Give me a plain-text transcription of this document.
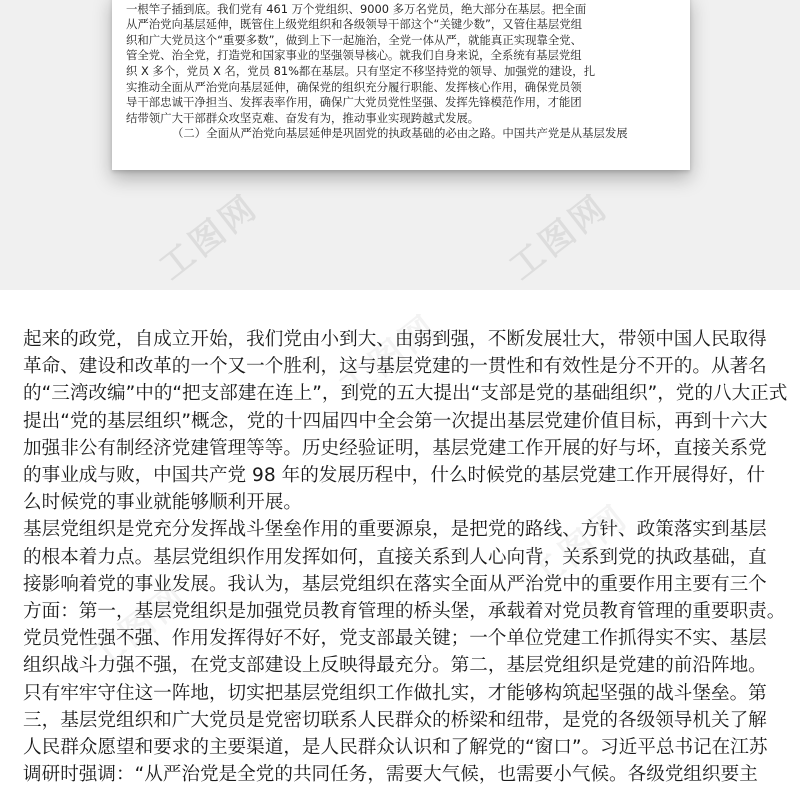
一根竿子插到底。我们党有 461 万个党组织、9000 多万名党员，绝大部分在基层。把全面
从严治党向基层延伸，既管住上级党组织和各级领导干部这个“关键少数”，又管住基层党组
织和广大党员这个“重要多数”，做到上下一起施治，全党一体从严，就能真正实现靠全党、
管全党、治全党，打造党和国家事业的坚强领导核心。就我们自身来说，全系统有基层党组
织 X 多个，党员 X 名，党员 81%都在基层。只有坚定不移坚持党的领导、加强党的建设，扎
实推动全面从严治党向基层延伸，确保党的组织充分履行职能、发挥核心作用，确保党员领
导干部忠诚干净担当、发挥表率作用，确保广大党员党性坚强、发挥先锋模范作用，才能团
结带领广大干部群众攻坚克难、奋发有为，推动事业实现跨越式发展。
（二）全面从严治党向基层延伸是巩固党的执政基础的必由之路。中国共产党是从基层发展
工图网	工图网
工图网
工图网
工图网
起来的政党，自成立开始，我们党由小到大、由弱到强，不断发展壮大，带领中国人民取得
革命、建设和改革的一个又一个胜利，这与基层党建的一贯性和有效性是分不开的。从著名
的“三湾改编”中的“把支部建在连上”，到党的五大提出“支部是党的基础组织”，党的八大正式
提出“党的基层组织”概念，党的十四届四中全会第一次提出基层党建价值目标，再到十六大
加强非公有制经济党建管理等等。历史经验证明，基层党建工作开展的好与坏，直接关系党
的事业成与败，中国共产党 98 年的发展历程中，什么时候党的基层党建工作开展得好，什
么时候党的事业就能够顺利开展。
基层党组织是党充分发挥战斗堡垒作用的重要源泉，是把党的路线、方针、政策落实到基层
的根本着力点。基层党组织作用发挥如何，直接关系到人心向背，关系到党的执政基础，直
接影响着党的事业发展。我认为，基层党组织在落实全面从严治党中的重要作用主要有三个
方面：第一，基层党组织是加强党员教育管理的桥头堡，承载着对党员教育管理的重要职责。
党员党性强不强、作用发挥得好不好，党支部最关键；一个单位党建工作抓得实不实、基层
组织战斗力强不强，在党支部建设上反映得最充分。第二，基层党组织是党建的前沿阵地。
只有牢牢守住这一阵地，切实把基层党组织工作做扎实，才能够构筑起坚强的战斗堡垒。第
三，基层党组织和广大党员是党密切联系人民群众的桥梁和纽带，是党的各级领导机关了解
人民群众愿望和要求的主要渠道，是人民群众认识和了解党的“窗口”。习近平总书记在江苏
调研时强调：“从严治党是全党的共同任务，需要大气候，也需要小气候。各级党组织要主
